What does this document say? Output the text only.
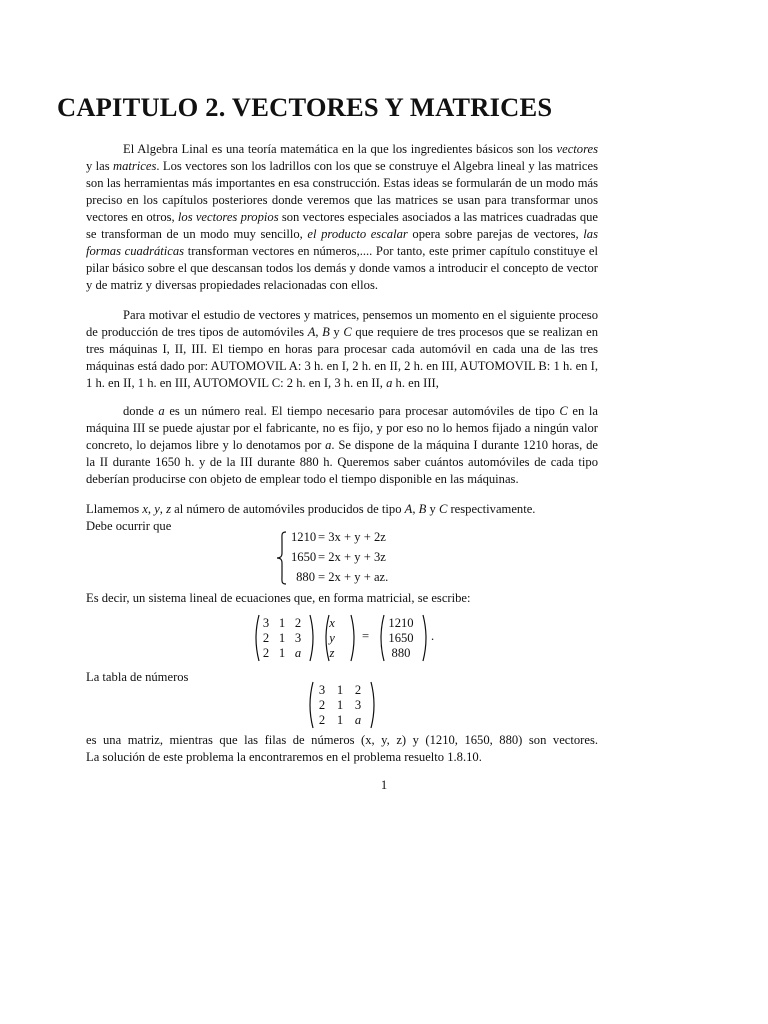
CAPITULO 2. VECTORES Y MATRICES

El Algebra Linal es una teoría matemática en la que los ingredientes básicos son los vectores y las matrices. Los vectores son los ladrillos con los que se construye el Algebra lineal y las matrices son las herramientas más importantes en esa construcción. Estas ideas se formularán de un modo más preciso en los capítulos posteriores donde veremos que las matrices se usan para transformar unos vectores en otros, los vectores propios son vectores especiales asociados a las matrices cuadradas que se transforman de un modo muy sencillo, el producto escalar opera sobre parejas de vectores, las formas cuadráticas transforman vectores en números,.... Por tanto, este primer capítulo constituye el pilar básico sobre el que descansan todos los demás y donde vamos a introducir el concepto de vector y de matriz y diversas propiedades relacionadas con ellos.

Para motivar el estudio de vectores y matrices, pensemos un momento en el siguiente proceso de producción de tres tipos de automóviles A, B y C que requiere de tres procesos que se realizan en tres máquinas I, II, III. El tiempo en horas para procesar cada automóvil en cada una de las tres máquinas está dado por: AUTOMOVIL A: 3 h. en I, 2 h. en II, 2 h. en III, AUTOMOVIL B: 1 h. en I, 1 h. en II, 1 h. en III, AUTOMOVIL C: 2 h. en I, 3 h. en II, a h. en III,

donde a es un número real. El tiempo necesario para procesar automóviles de tipo C en la máquina III se puede ajustar por el fabricante, no es fijo, y por eso no lo hemos fijado a ningún valor concreto, lo dejamos libre y lo denotamos por a. Se dispone de la máquina I durante 1210 horas, de la II durante 1650 h. y de la III durante 880 h. Queremos saber cuántos automóviles de cada tipo deberían producirse con objeto de emplear todo el tiempo disponible en las máquinas.

Llamemos x, y, z al número de automóviles producidos de tipo A, B y C respectivamente.

Debe ocurrir que

1210 = 3x + y + 2z
1650 = 2x + y + 3z
880 = 2x + y + az.

Es decir, un sistema lineal de ecuaciones que, en forma matricial, se escribe:

3 1 2
2 1 3
2 1 a
x
y
z
=
1210
1650
880
.

La tabla de números

3 1 2
2 1 3
2 1 a

es una matriz, mientras que las filas de números (x, y, z) y (1210, 1650, 880) son vectores.

La solución de este problema la encontraremos en el problema resuelto 1.8.10.

1
